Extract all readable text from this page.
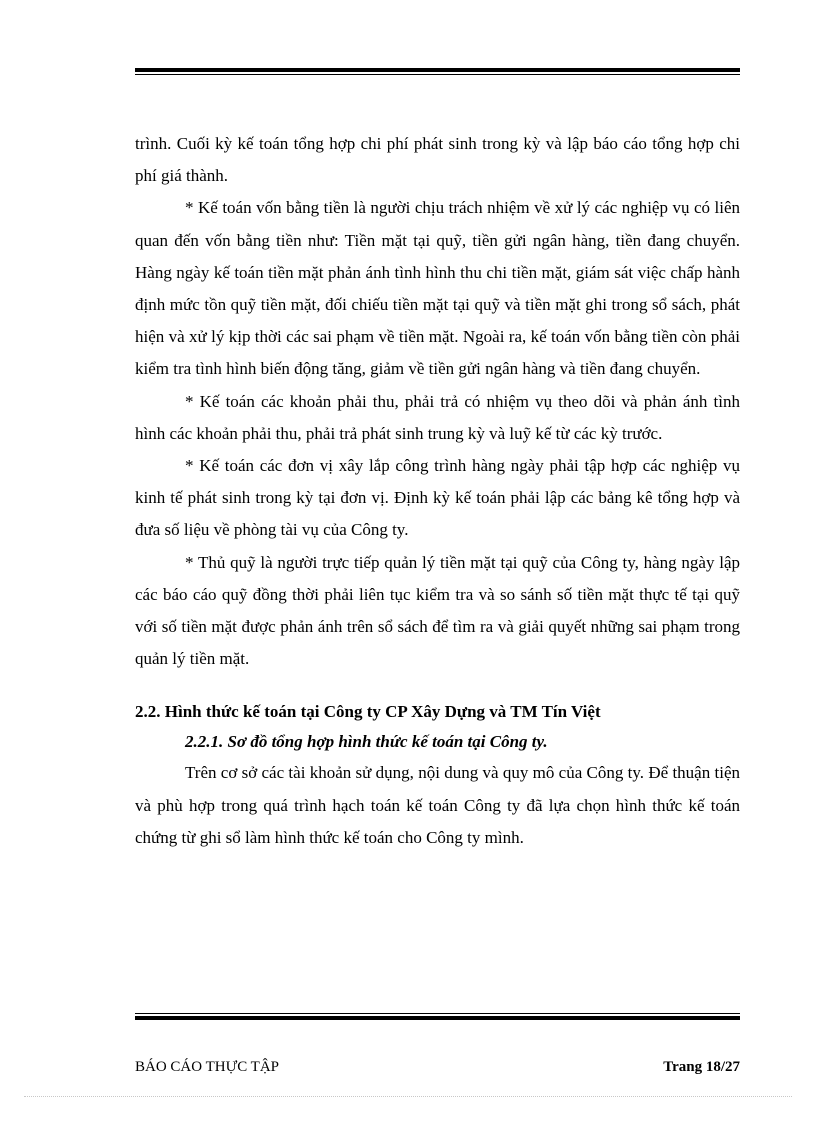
trình. Cuối kỳ kế toán tổng hợp chi phí phát sinh trong kỳ và lập báo cáo tổng hợp chi phí giá thành.

* Kế toán vốn bằng tiền là người chịu trách nhiệm về xử lý các nghiệp vụ có liên quan đến vốn bằng tiền như: Tiền mặt tại quỹ, tiền gửi ngân hàng, tiền đang chuyển. Hàng ngày kế toán tiền mặt phản ánh tình hình thu chi tiền mặt, giám sát việc chấp hành định mức tồn quỹ tiền mặt, đối chiếu tiền mặt tại quỹ và tiền mặt ghi trong sổ sách, phát hiện và xử lý kịp thời các sai phạm về tiền mặt. Ngoài ra, kế toán vốn bằng tiền còn phải kiểm tra tình hình biến động tăng, giảm về tiền gửi ngân hàng và tiền đang chuyển.

* Kế toán các khoản phải thu, phải trả có nhiệm vụ theo dõi và phản ánh tình hình các khoản phải thu, phải trả phát sinh trung kỳ và luỹ kế từ các kỳ trước.

* Kế toán các đơn vị xây lắp công trình hàng ngày phải tập hợp các nghiệp vụ kinh tế phát sinh trong kỳ tại đơn vị. Định kỳ kế toán phải lập các bảng kê tổng hợp và đưa số liệu về phòng tài vụ của Công ty.

* Thủ quỹ là người trực tiếp quản lý tiền mặt tại quỹ của Công ty, hàng ngày lập các báo cáo quỹ đồng thời phải liên tục kiểm tra và so sánh số tiền mặt thực tế tại quỹ với số tiền mặt được phản ánh trên sổ sách để tìm ra và giải quyết những sai phạm trong quản lý tiền mặt.

2.2. Hình thức kế toán tại Công ty CP Xây Dựng và TM Tín Việt
2.2.1. Sơ đồ tổng hợp hình thức kế toán tại Công ty.

Trên cơ sở các tài khoản sử dụng, nội dung và quy mô của Công ty. Để thuận tiện và phù hợp trong quá trình hạch toán kế toán Công ty đã lựa chọn hình thức kế toán chứng từ ghi sổ làm hình thức kế toán cho Công ty mình.

BÁO CÁO THỰC TẬP	Trang 18/27
